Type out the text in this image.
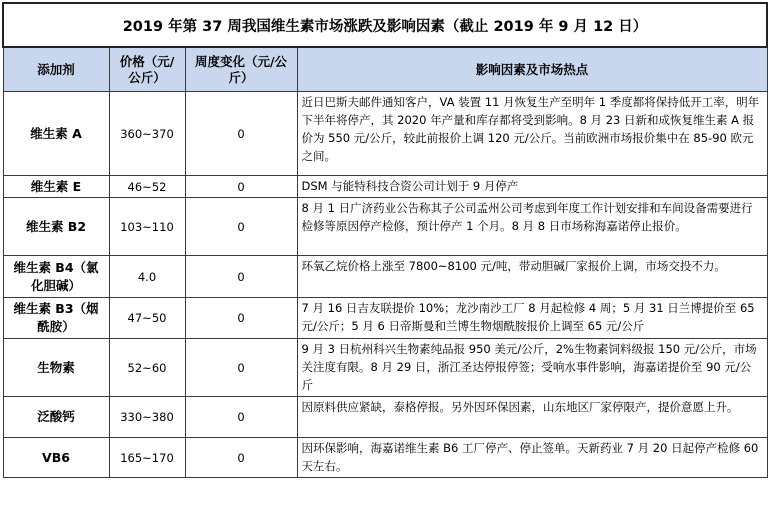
2019 年第 37 周我国维生素市场涨跌及影响因素（截止 2019 年 9 月 12 日）			
添加剂	价格（元/公斤）	周度变化（元/公斤）	影响因素及市场热点
维生素 A	360~370	0	近日巴斯夫邮件通知客户，VA 装置 11 月恢复生产至明年 1 季度都将保持低开工率，明年下半年将停产，其 2020 年产量和库存都将受到影响。8 月 23 日新和成恢复维生素 A 报价为 550 元/公斤，较此前报价上调 120 元/公斤。当前欧洲市场报价集中在 85-90 欧元之间。
维生素 E	46~52	0	DSM 与能特科技合资公司计划于 9 月停产
维生素 B2	103~110	0	8 月 1 日广济药业公告称其子公司孟州公司考虑到年度工作计划安排和车间设备需要进行检修等原因停产检修，预计停产 1 个月。8 月 8 日市场称海嘉诺停止报价。
维生素 B4（氯化胆碱）	4.0	0	环氧乙烷价格上涨至 7800~8100 元/吨，带动胆碱厂家报价上调，市场交投不力。
维生素 B3（烟酰胺）	47~50	0	7 月 16 日吉友联提价 10%；龙沙南沙工厂 8 月起检修 4 周；5 月 31 日兰博提价至 65 元/公斤；5 月 6 日帝斯曼和兰博生物烟酰胺报价上调至 65 元/公斤
生物素	52~60	0	9 月 3 日杭州科兴生物素纯品报 950 美元/公斤，2%生物素饲料级报 150 元/公斤，市场关注度有限。8 月 29 日，浙江圣达停报停签；受响水事件影响，海嘉诺提价至 90 元/公斤
泛酸钙	330~380	0	因原料供应紧缺，泰格停报。另外因环保因素，山东地区厂家停限产，提价意愿上升。
VB6	165~170	0	因环保影响，海嘉诺维生素 B6 工厂停产、停止签单。天新药业 7 月 20 日起停产检修 60 天左右。
